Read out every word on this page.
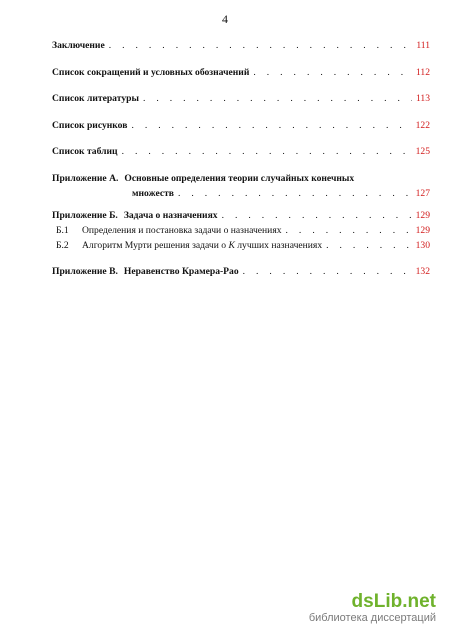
4
Заключение . . .	111
Список сокращений и условных обозначений . . .	112
Список литературы . . .	113
Список рисунков . . .	122
Список таблиц . . .	125
Приложение А. Основные определения теории случайных конечных
множеств . . .	127
Приложение Б. Задача о назначениях . . .	129
Б.1	Определения и постановка задачи о назначениях . . .	129
Б.2	Алгоритм Мурти решения задачи о K лучших назначениях . . .	130
Приложение В. Неравенство Крамера-Рао . . .	132
dsLib.net
библиотека диссертаций
